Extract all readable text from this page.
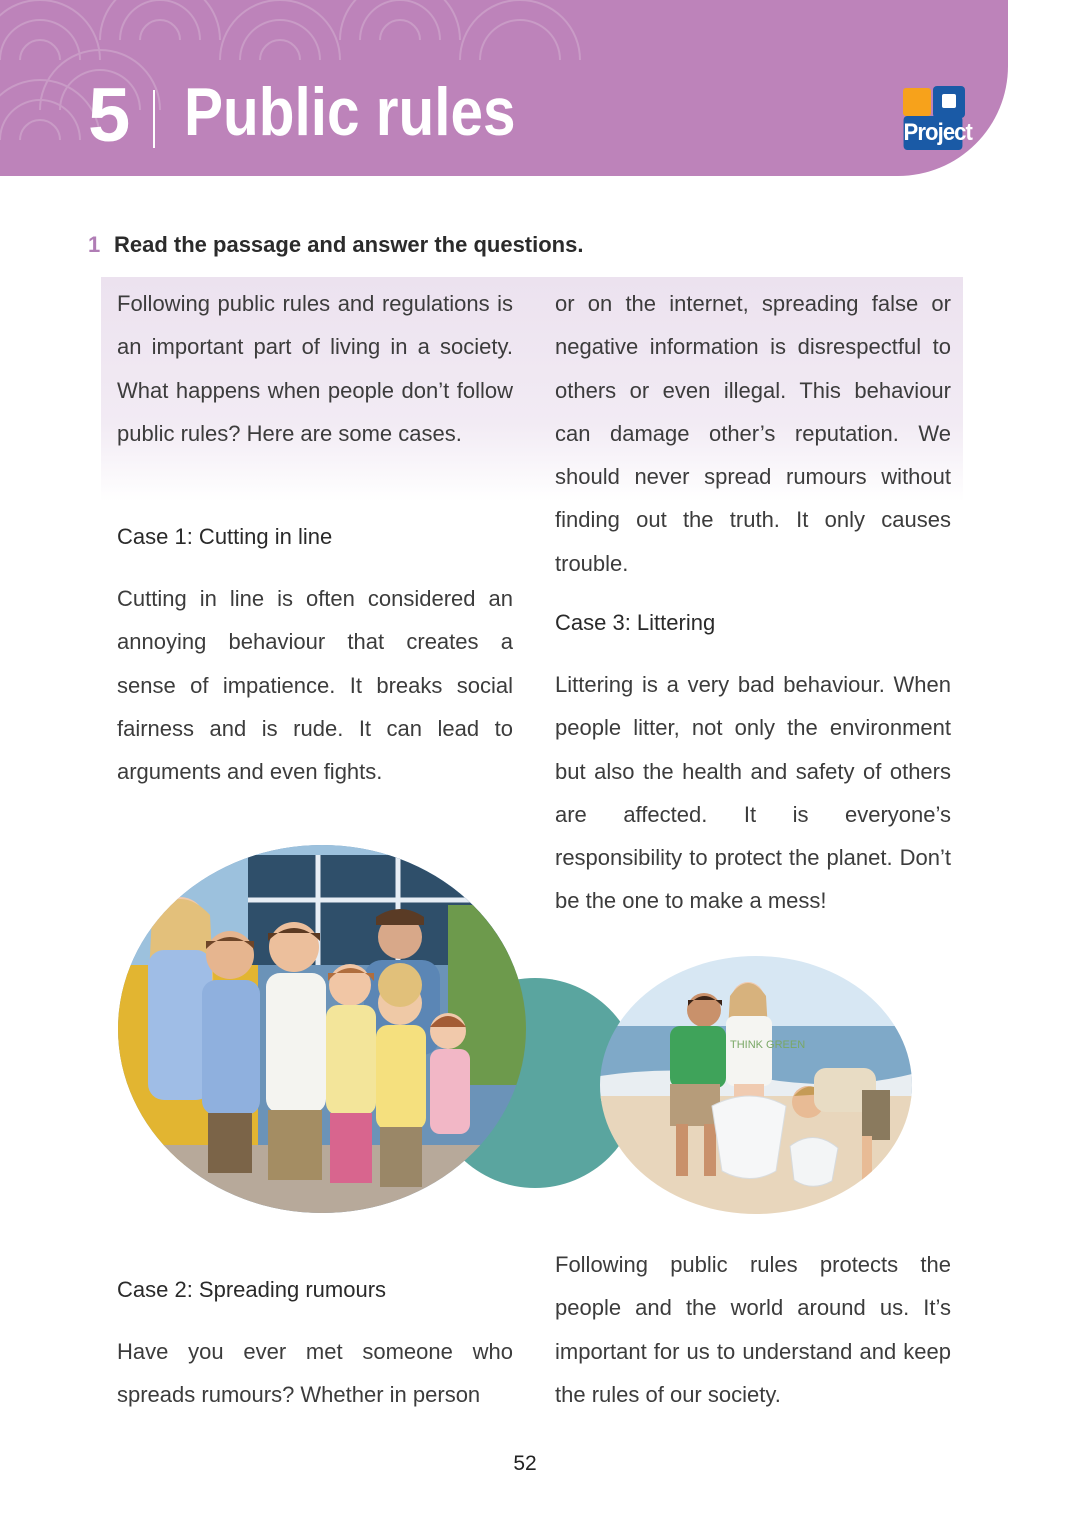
5 Public rules	Project
1 Read the passage and answer the questions.

Following public rules and regulations is an important part of living in a society. What happens when people don’t follow public rules? Here are some cases.

Case 1: Cutting in line

Cutting in line is often considered an annoying behaviour that creates a sense of impatience. It breaks social fairness and is rude. It can lead to arguments and even fights.

Case 2: Spreading rumours

Have you ever met someone who spreads rumours? Whether in person

or on the internet, spreading false or negative information is disrespectful to others or even illegal. This behaviour can damage other’s reputation. We should never spread rumours without finding out the truth. It only causes trouble.

Case 3: Littering

Littering is a very bad behaviour. When people litter, not only the environment but also the health and safety of others are affected. It is everyone’s responsibility to protect the planet. Don’t be the one to make a mess!

Following public rules protects the people and the world around us. It’s important for us to understand and keep the rules of our society.

THINK GREEN
52
